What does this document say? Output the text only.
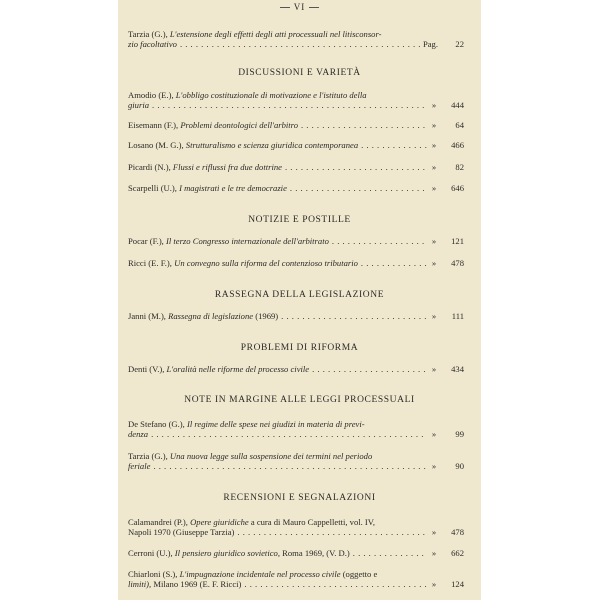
VI
Tarzia (G.), L'estensione degli effetti degli atti processuali nel litisconsor-
zio facoltativo . . .	Pag.	22
DISCUSSIONI E VARIETÀ
Amodio (E.), L'obbligo costituzionale di motivazione e l'istituto della
giuria . . .	»	444
Eisemann (F.), Problemi deontologici dell'arbitro . . .	»	64
Losano (M. G.), Strutturalismo e scienza giuridica contemporanea . . .	»	466
Picardi (N.), Flussi e riflussi fra due dottrine . . .	»	82
Scarpelli (U.), I magistrati e le tre democrazie . . .	»	646
NOTIZIE E POSTILLE
Pocar (F.), Il terzo Congresso internazionale dell'arbitrato . . .	»	121
Ricci (E. F.), Un convegno sulla riforma del contenzioso tributario . . .	»	478
RASSEGNA DELLA LEGISLAZIONE
Janni (M.), Rassegna di legislazione (1969) . . .	»	111
PROBLEMI DI RIFORMA
Denti (V.), L'oralità nelle riforme del processo civile . . .	»	434
NOTE IN MARGINE ALLE LEGGI PROCESSUALI
De Stefano (G.), Il regime delle spese nei giudizi in materia di previ-
denza . . .	»	99
Tarzia (G.), Una nuova legge sulla sospensione dei termini nel periodo
feriale . . .	»	90
RECENSIONI E SEGNALAZIONI
Calamandrei (P.), Opere giuridiche a cura di Mauro Cappelletti, vol. IV,
Napoli 1970 (Giuseppe Tarzia) . . .	»	478
Cerroni (U.), Il pensiero giuridico sovietico, Roma 1969, (V. D.) . . .	»	662
Chiarloni (S.), L'impugnazione incidentale nel processo civile (oggetto e
limiti), Milano 1969 (E. F. Ricci) . . .	»	124
